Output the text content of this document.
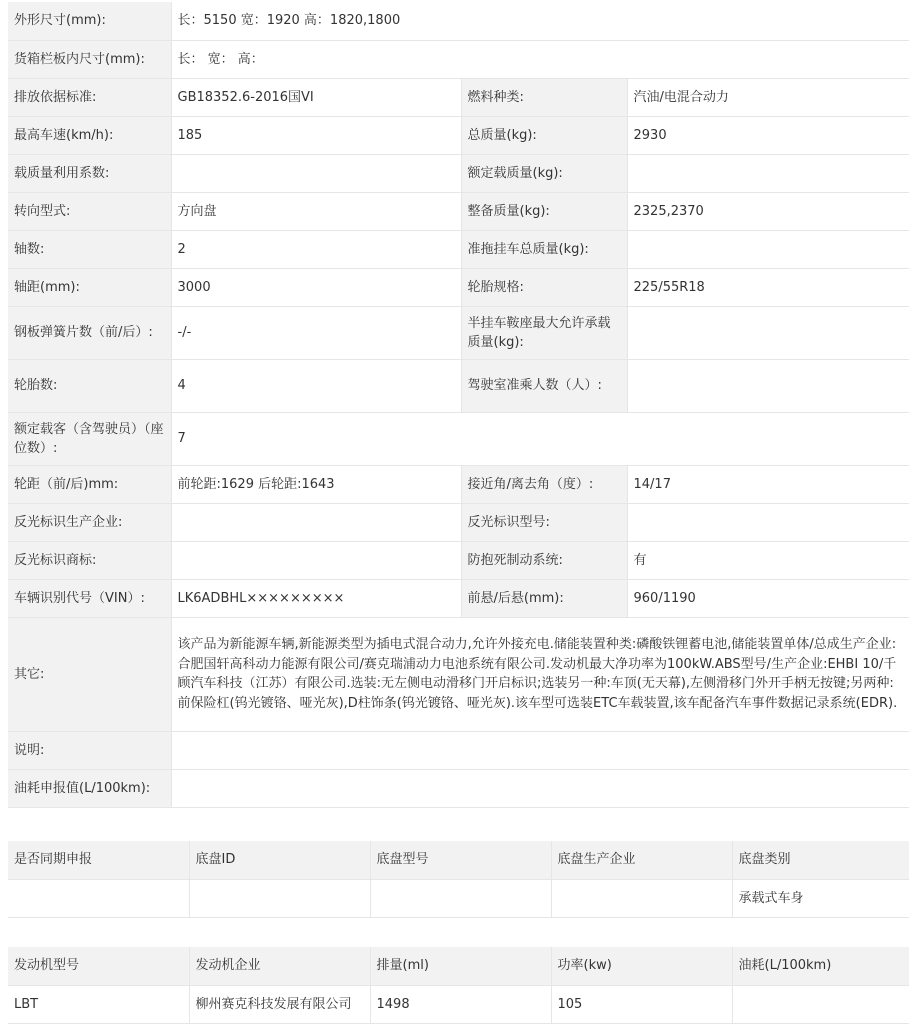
外形尺寸(mm):	长：5150 宽：1920 高：1820,1800		
货箱栏板内尺寸(mm):	长： 宽： 高：		
排放依据标准:	GB18352.6-2016国VI	燃料种类:	汽油/电混合动力
最高车速(km/h):	185	总质量(kg):	2930
载质量利用系数:		额定载质量(kg):	
转向型式:	方向盘	整备质量(kg):	2325,2370
轴数:	2	准拖挂车总质量(kg):	
轴距(mm):	3000	轮胎规格:	225/55R18
钢板弹簧片数（前/后）:	-/-	半挂车鞍座最大允许承载质量(kg):	
轮胎数:	4	驾驶室准乘人数（人）:	
额定载客（含驾驶员）（座位数）:	7		
轮距（前/后)mm:	前轮距:1629 后轮距:1643	接近角/离去角（度）:	14/17
反光标识生产企业:		反光标识型号:	
反光标识商标:		防抱死制动系统:	有
车辆识别代号（VIN）:	LK6ADBHL×××××××××	前悬/后悬(mm):	960/1190
其它:	该产品为新能源车辆,新能源类型为插电式混合动力,允许外接充电.储能装置种类:磷酸铁锂蓄电池,储能装置单体/总成生产企业:合肥国轩高科动力能源有限公司/赛克瑞浦动力电池系统有限公司.发动机最大净功率为100kW.ABS型号/生产企业:EHBI 10/千顾汽车科技（江苏）有限公司.选装:无左侧电动滑移门开启标识;选装另一种:车顶(无天幕),左侧滑移门外开手柄无按键;另两种:前保险杠(钨光镀铬、哑光灰),D柱饰条(钨光镀铬、哑光灰).该车型可选装ETC车载装置,该车配备汽车事件数据记录系统(EDR).		
说明:			
油耗申报值(L/100km):			
是否同期申报	底盘ID	底盘型号	底盘生产企业	底盘类别
				承载式车身
发动机型号	发动机企业	排量(ml)	功率(kw)	油耗(L/100km)
LBT	柳州赛克科技发展有限公司	1498	105	
